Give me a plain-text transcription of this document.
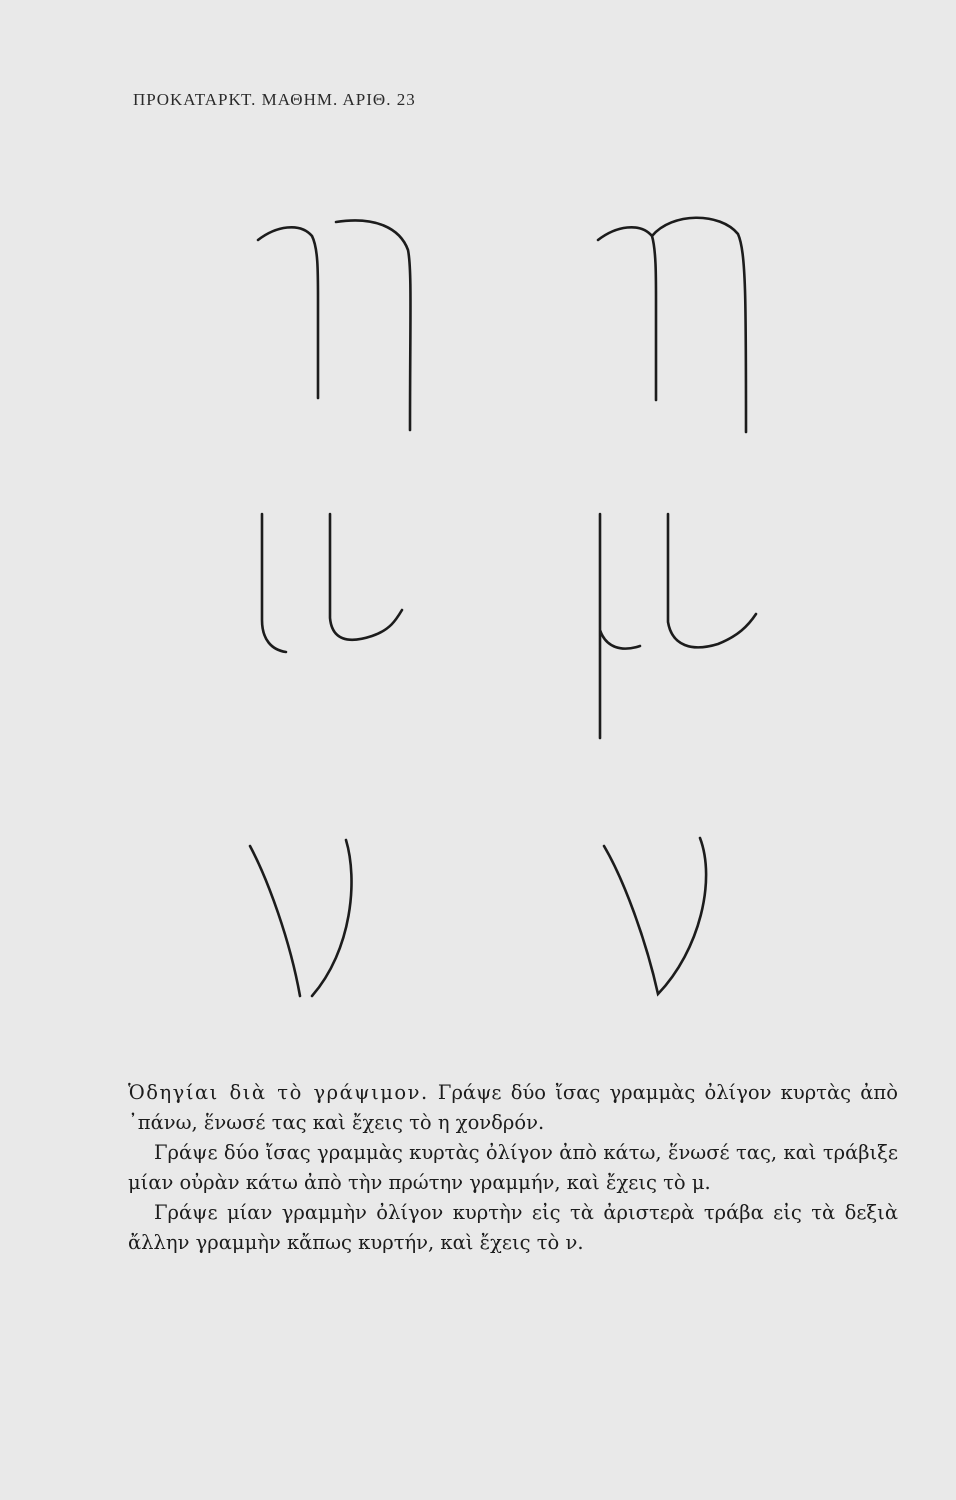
ΠΡΟΚΑΤΑΡΚΤ. ΜΑΘΗΜ. ΑΡΙΘ. 23

Ὁδηγίαι διὰ τὸ γράψιμον. Γράψε δύο ἴσας γραμμὰς ὀλίγον κυρτὰς ἀπὸ ᾿πάνω, ἕνωσέ τας καὶ ἔχεις τὸ η χονδρόν.

Γράψε δύο ἴσας γραμμὰς κυρτὰς ὀλίγον ἀπὸ κάτω, ἕνωσέ τας, καὶ τράβιξε μίαν οὐρὰν κάτω ἀπὸ τὴν πρώτην γραμμήν, καὶ ἔχεις τὸ μ.

Γράψε μίαν γραμμὴν ὀλίγον κυρτὴν εἰς τὰ ἀριστερὰ τράβα εἰς τὰ δεξιὰ ἄλλην γραμμὴν κἄπως κυρτήν, καὶ ἔχεις τὸ ν.
